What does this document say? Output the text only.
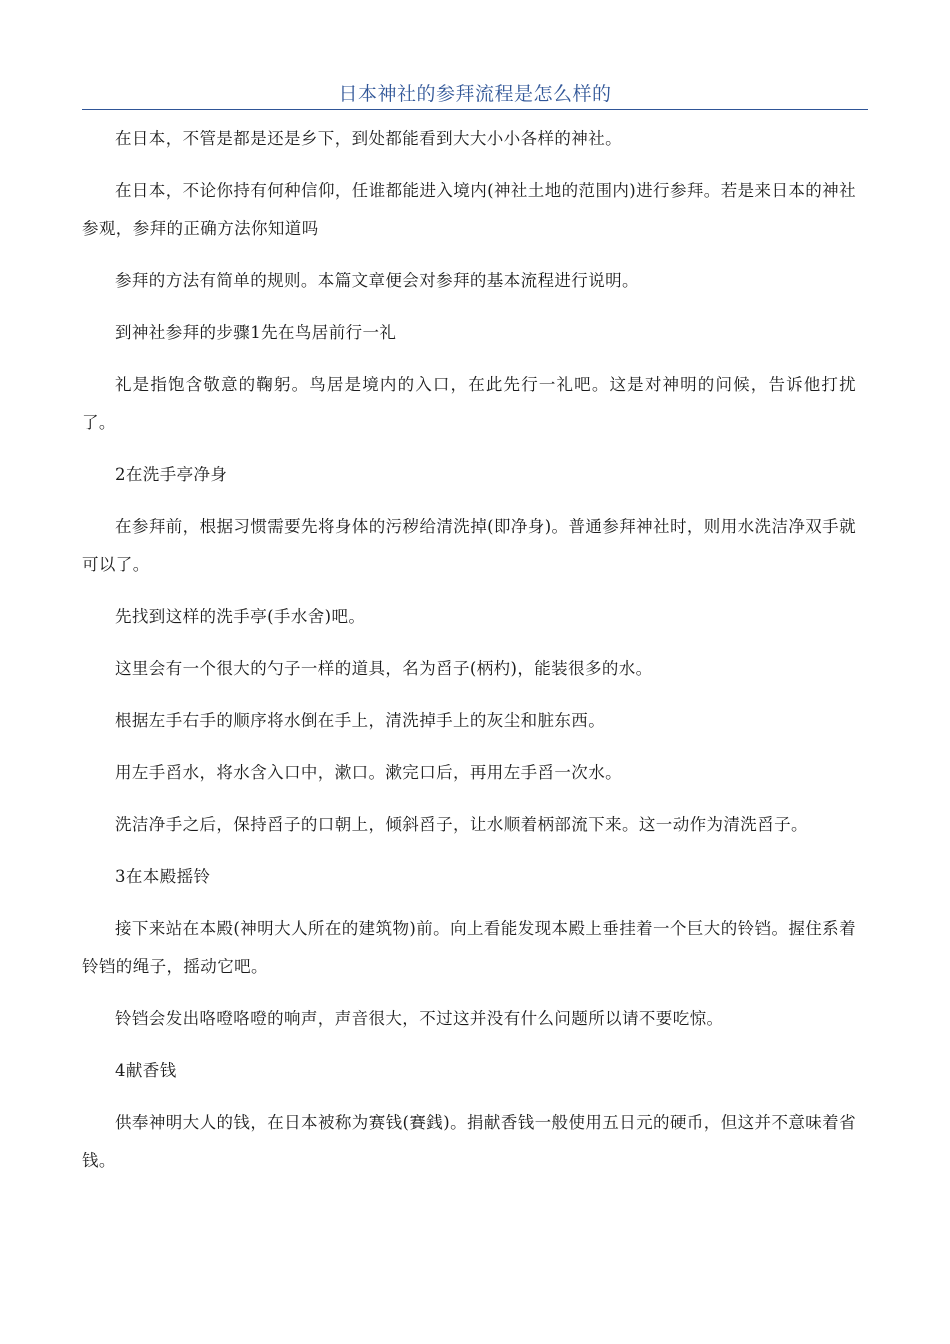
日本神社的参拜流程是怎么样的

在日本，不管是都是还是乡下，到处都能看到大大小小各样的神社。

在日本，不论你持有何种信仰，任谁都能进入境内(神社土地的范围内)进行参拜。若是来日本的神社参观，参拜的正确方法你知道吗

参拜的方法有简单的规则。本篇文章便会对参拜的基本流程进行说明。

到神社参拜的步骤1先在鸟居前行一礼

礼是指饱含敬意的鞠躬。鸟居是境内的入口，在此先行一礼吧。这是对神明的问候，告诉他打扰了。

2在洗手亭净身

在参拜前，根据习惯需要先将身体的污秽给清洗掉(即净身)。普通参拜神社时，则用水洗洁净双手就可以了。

先找到这样的洗手亭(手水舍)吧。

这里会有一个很大的勺子一样的道具，名为舀子(柄杓)，能装很多的水。

根据左手右手的顺序将水倒在手上，清洗掉手上的灰尘和脏东西。

用左手舀水，将水含入口中，漱口。漱完口后，再用左手舀一次水。

洗洁净手之后，保持舀子的口朝上，倾斜舀子，让水顺着柄部流下来。这一动作为清洗舀子。

3在本殿摇铃

接下来站在本殿(神明大人所在的建筑物)前。向上看能发现本殿上垂挂着一个巨大的铃铛。握住系着铃铛的绳子，摇动它吧。

铃铛会发出咯噔咯噔的响声，声音很大，不过这并没有什么问题所以请不要吃惊。

4献香钱

供奉神明大人的钱，在日本被称为赛钱(賽銭)。捐献香钱一般使用五日元的硬币，但这并不意味着省钱。
